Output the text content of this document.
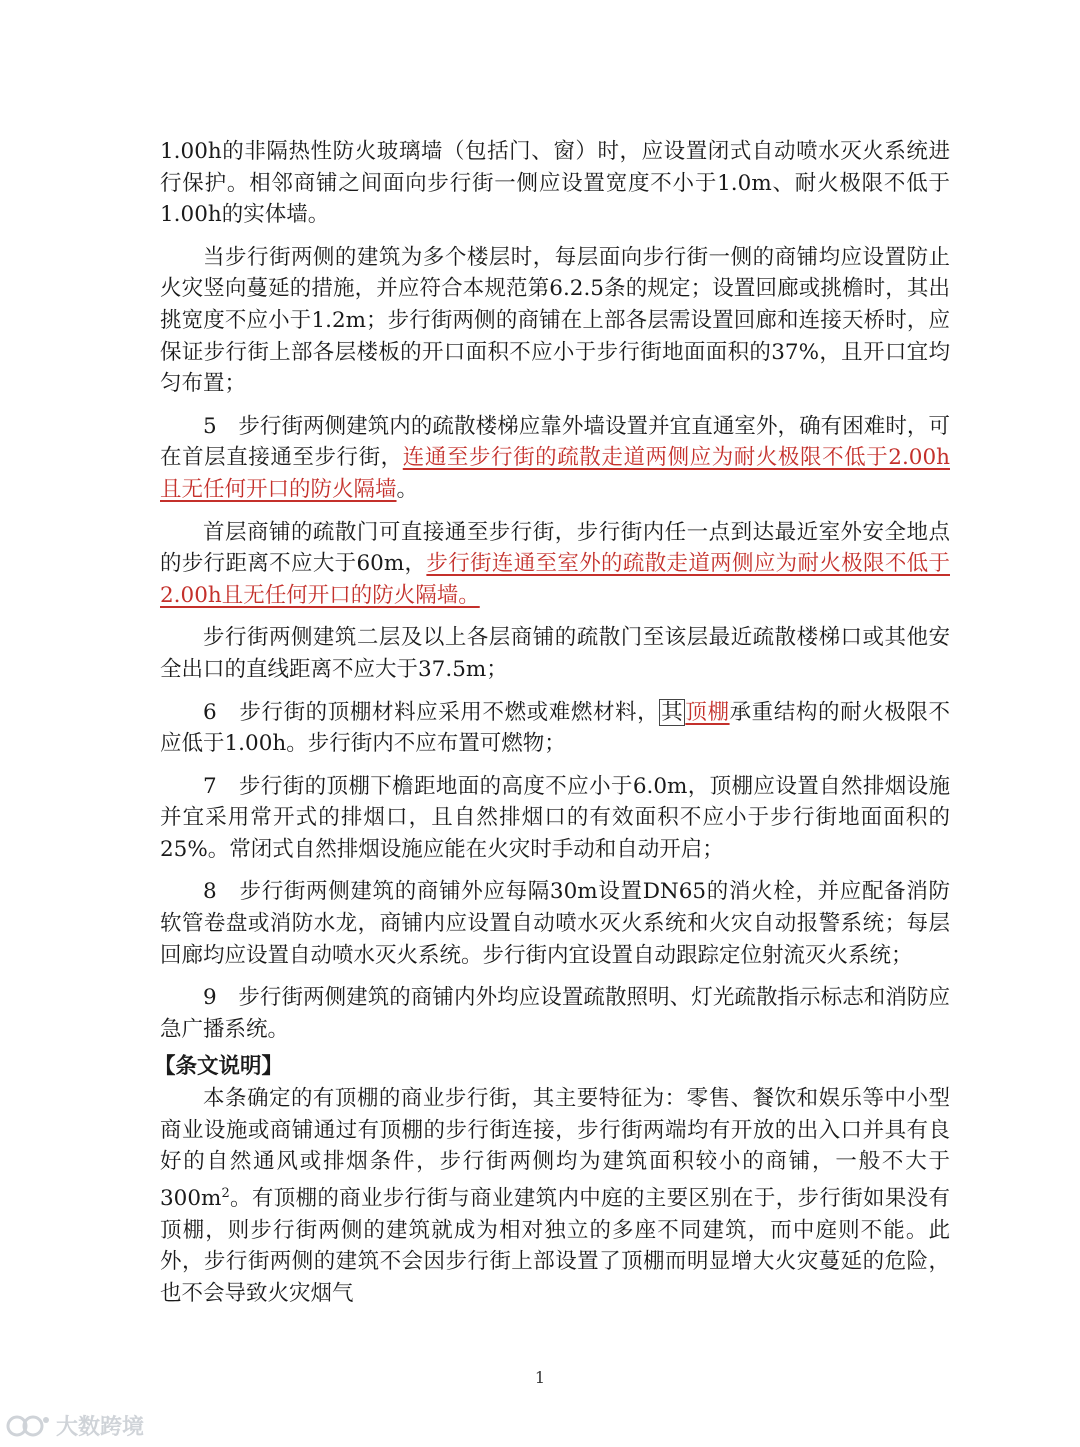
1.00h的非隔热性防火玻璃墙（包括门、窗）时，应设置闭式自动喷水灭火系统进行保护。相邻商铺之间面向步行街一侧应设置宽度不小于1.0m、耐火极限不低于1.00h的实体墙。

当步行街两侧的建筑为多个楼层时，每层面向步行街一侧的商铺均应设置防止火灾竖向蔓延的措施，并应符合本规范第6.2.5条的规定；设置回廊或挑檐时，其出挑宽度不应小于1.2m；步行街两侧的商铺在上部各层需设置回廊和连接天桥时，应保证步行街上部各层楼板的开口面积不应小于步行街地面面积的37%，且开口宜均匀布置；

5　步行街两侧建筑内的疏散楼梯应靠外墙设置并宜直通室外，确有困难时，可在首层直接通至步行街，连通至步行街的疏散走道两侧应为耐火极限不低于2.00h且无任何开口的防火隔墙。

首层商铺的疏散门可直接通至步行街，步行街内任一点到达最近室外安全地点的步行距离不应大于60m，步行街连通至室外的疏散走道两侧应为耐火极限不低于2.00h且无任何开口的防火隔墙。

步行街两侧建筑二层及以上各层商铺的疏散门至该层最近疏散楼梯口或其他安全出口的直线距离不应大于37.5m；

6　步行街的顶棚材料应采用不燃或难燃材料，其顶棚承重结构的耐火极限不应低于1.00h。步行街内不应布置可燃物；

7　步行街的顶棚下檐距地面的高度不应小于6.0m，顶棚应设置自然排烟设施并宜采用常开式的排烟口，且自然排烟口的有效面积不应小于步行街地面面积的25%。常闭式自然排烟设施应能在火灾时手动和自动开启；

8　步行街两侧建筑的商铺外应每隔30m设置DN65的消火栓，并应配备消防软管卷盘或消防水龙，商铺内应设置自动喷水灭火系统和火灾自动报警系统；每层回廊均应设置自动喷水灭火系统。步行街内宜设置自动跟踪定位射流灭火系统；

9　步行街两侧建筑的商铺内外均应设置疏散照明、灯光疏散指示标志和消防应急广播系统。

【条文说明】

本条确定的有顶棚的商业步行街，其主要特征为：零售、餐饮和娱乐等中小型商业设施或商铺通过有顶棚的步行街连接，步行街两端均有开放的出入口并具有良好的自然通风或排烟条件，步行街两侧均为建筑面积较小的商铺，一般不大于 $300m^2$。有顶棚的商业步行街与商业建筑内中庭的主要区别在于，步行街如果没有顶棚，则步行街两侧的建筑就成为相对独立的多座不同建筑，而中庭则不能。此外，步行街两侧的建筑不会因步行街上部设置了顶棚而明显增大火灾蔓延的危险，也不会导致火灾烟气

1
大数跨境
